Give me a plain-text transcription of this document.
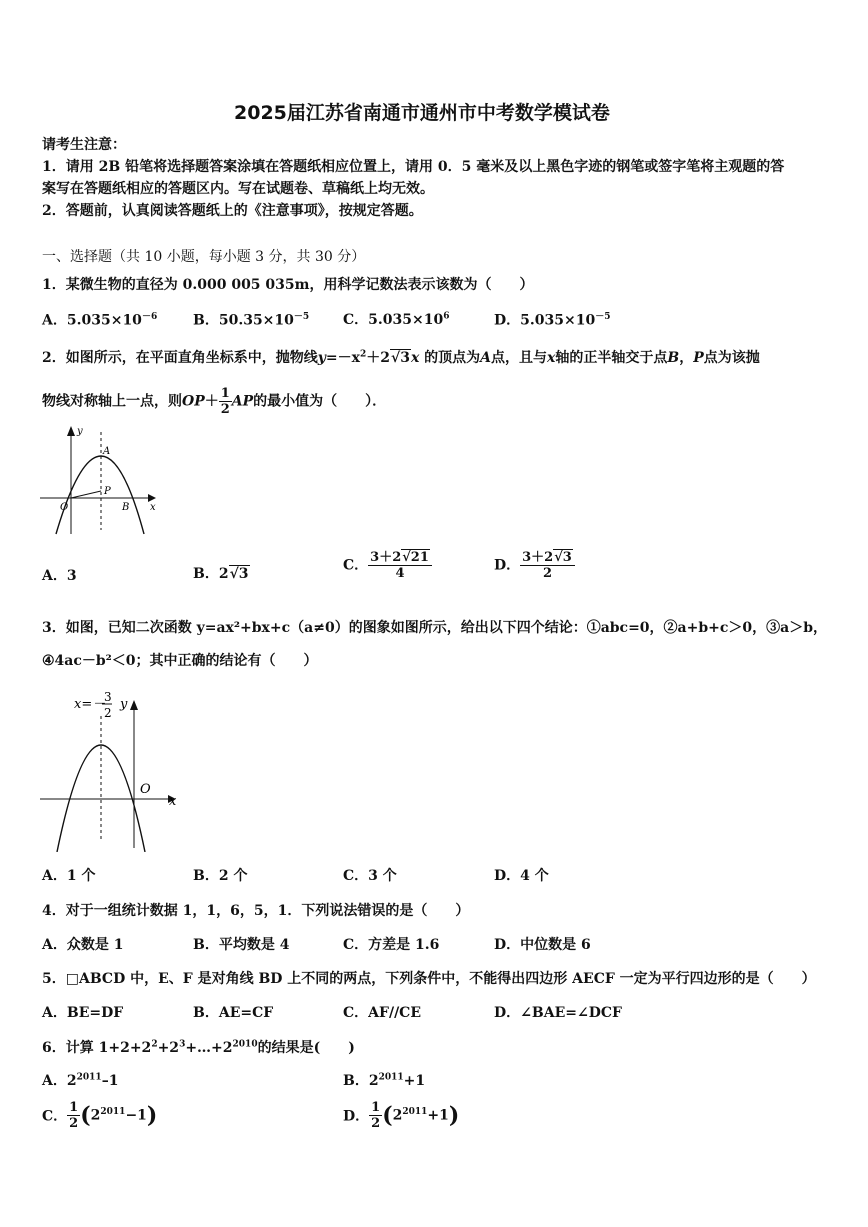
2025届江苏省南通市通州市中考数学模试卷
请考生注意：
1．请用 2B 铅笔将选择题答案涂填在答题纸相应位置上，请用 0．5 毫米及以上黑色字迹的钢笔或签字笔将主观题的答
案写在答题纸相应的答题区内。写在试题卷、草稿纸上均无效。
2．答题前，认真阅读答题纸上的《注意事项》，按规定答题。
一、选择题（共 10 小题，每小题 3 分，共 30 分）
1．某微生物的直径为 0.000 005 035m，用科学记数法表示该数为（　　）
A．$5.035\times 10^{-6}$	B．$50.35\times 10^{-5}$ C．$5.035\times 10^6$	D．$5.035\times 10^{-5}$
2．如图所示，在平面直角坐标系中，抛物线$y=-x^2+2√3x$ 的顶点为A点，且与x轴的正半轴交于点B，P点为该抛
物线对称轴上一点，则$OP+ \frac{1}{2}$ AP的最小值为（　　）．
y
A
P
O	B x
A．3	B．2√3
C． $\frac{3+2√21}{4}$	D． $\frac{3+2√3}{2}$
3．如图，已知二次函数 y=ax²+bx+c（a≠0）的图象如图所示，给出以下四个结论：①abc=0，②a+b+c＞0，③a＞b，
④4ac－b²＜0；其中正确的结论有（　　）
x=－
3
2
y
O
x
A．1 个	B．2 个	C．3 个	D．4 个
4．对于一组统计数据 1，1，6，5，1．下列说法错误的是（　　）
A．众数是 1	B．平均数是 4	C．方差是 1.6	D．中位数是 6
5．□ABCD 中，E、F 是对角线 BD 上不同的两点，下列条件中，不能得出四边形 AECF 一定为平行四边形的是（　　）
A．BE=DF	B．AE=CF	C．AF//CE	D．∠BAE=∠DCF
6．计算 $1+2+2^2+2^3+\dots+2^{2010}$的结果是(　　)
A．$2^{2011}-1$	B．$2^{2011}+1$
C． $\frac{1}{2} (2^{2011}-1)$	D． $\frac{1}{2} (2^{2011}+1)$
